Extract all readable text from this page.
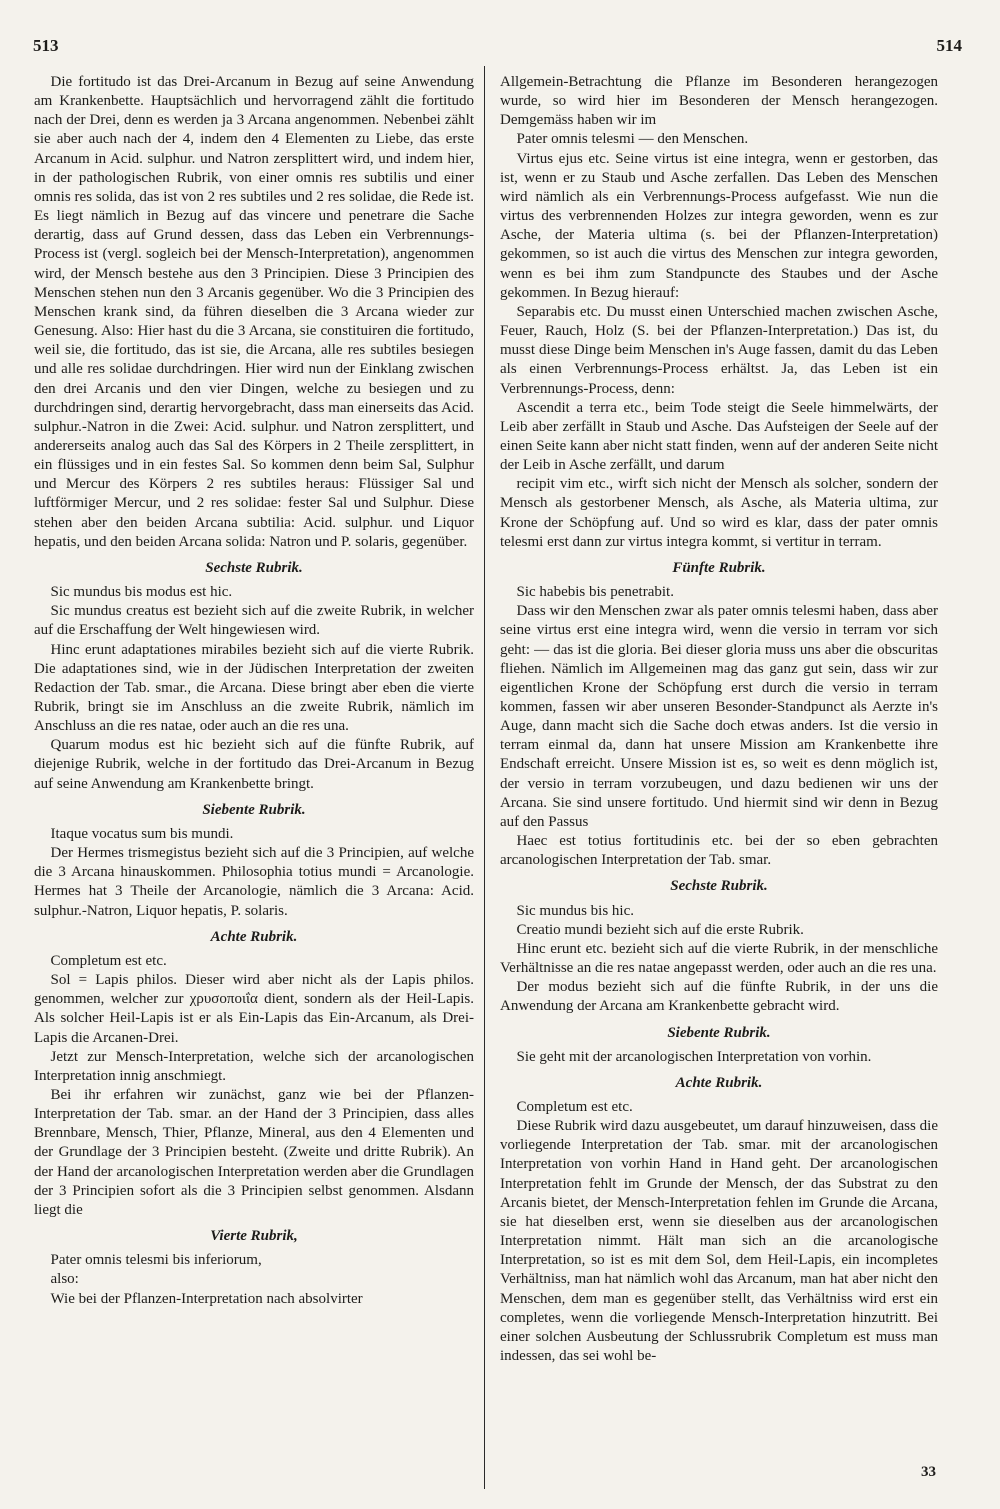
513	514

Die fortitudo ist das Drei-Arcanum in Bezug auf seine Anwendung am Krankenbette. Hauptsächlich und hervorragend zählt die fortitudo nach der Drei, denn es werden ja 3 Arcana angenommen. Nebenbei zählt sie aber auch nach der 4, indem den 4 Elementen zu Liebe, das erste Arcanum in Acid. sulphur. und Natron zersplittert wird, und indem hier, in der pathologischen Rubrik, von einer omnis res subtilis und einer omnis res solida, das ist von 2 res subtiles und 2 res solidae, die Rede ist. Es liegt nämlich in Bezug auf das vincere und penetrare die Sache derartig, dass auf Grund dessen, dass das Leben ein Verbrennungs-Process ist (vergl. sogleich bei der Mensch-Interpretation), angenommen wird, der Mensch bestehe aus den 3 Principien. Diese 3 Principien des Menschen stehen nun den 3 Arcanis gegenüber. Wo die 3 Principien des Menschen krank sind, da führen dieselben die 3 Arcana wieder zur Genesung. Also: Hier hast du die 3 Arcana, sie constituiren die fortitudo, weil sie, die fortitudo, das ist sie, die Arcana, alle res subtiles besiegen und alle res solidae durchdringen. Hier wird nun der Einklang zwischen den drei Arcanis und den vier Dingen, welche zu besiegen und zu durchdringen sind, derartig hervorgebracht, dass man einerseits das Acid. sulphur.-Natron in die Zwei: Acid. sulphur. und Natron zersplittert, und andererseits analog auch das Sal des Körpers in 2 Theile zersplittert, in ein flüssiges und in ein festes Sal. So kommen denn beim Sal, Sulphur und Mercur des Körpers 2 res subtiles heraus: Flüssiger Sal und luftförmiger Mercur, und 2 res solidae: fester Sal und Sulphur. Diese stehen aber den beiden Arcana subtilia: Acid. sulphur. und Liquor hepatis, und den beiden Arcana solida: Natron und P. solaris, gegenüber.

Sechste Rubrik.

Sic mundus bis modus est hic.

Sic mundus creatus est bezieht sich auf die zweite Rubrik, in welcher auf die Erschaffung der Welt hingewiesen wird.

Hinc erunt adaptationes mirabiles bezieht sich auf die vierte Rubrik. Die adaptationes sind, wie in der Jüdischen Interpretation der zweiten Redaction der Tab. smar., die Arcana. Diese bringt aber eben die vierte Rubrik, bringt sie im Anschluss an die zweite Rubrik, nämlich im Anschluss an die res natae, oder auch an die res una.

Quarum modus est hic bezieht sich auf die fünfte Rubrik, auf diejenige Rubrik, welche in der fortitudo das Drei-Arcanum in Bezug auf seine Anwendung am Krankenbette bringt.

Siebente Rubrik.

Itaque vocatus sum bis mundi.

Der Hermes trismegistus bezieht sich auf die 3 Principien, auf welche die 3 Arcana hinauskommen. Philosophia totius mundi = Arcanologie. Hermes hat 3 Theile der Arcanologie, nämlich die 3 Arcana: Acid. sulphur.-Natron, Liquor hepatis, P. solaris.

Achte Rubrik.

Completum est etc.

Sol = Lapis philos. Dieser wird aber nicht als der Lapis philos. genommen, welcher zur χρυσοποιΐα dient, sondern als der Heil-Lapis. Als solcher Heil-Lapis ist er als Ein-Lapis das Ein-Arcanum, als Drei-Lapis die Arcanen-Drei.

Jetzt zur Mensch-Interpretation, welche sich der arcanologischen Interpretation innig anschmiegt.

Bei ihr erfahren wir zunächst, ganz wie bei der Pflanzen-Interpretation der Tab. smar. an der Hand der 3 Principien, dass alles Brennbare, Mensch, Thier, Pflanze, Mineral, aus den 4 Elementen und der Grundlage der 3 Principien besteht. (Zweite und dritte Rubrik). An der Hand der arcanologischen Interpretation werden aber die Grundlagen der 3 Principien sofort als die 3 Principien selbst genommen. Alsdann liegt die

Vierte Rubrik,

Pater omnis telesmi bis inferiorum,

also:

Wie bei der Pflanzen-Interpretation nach absolvirter

Allgemein-Betrachtung die Pflanze im Besonderen herangezogen wurde, so wird hier im Besonderen der Mensch herangezogen. Demgemäss haben wir im

Pater omnis telesmi — den Menschen.

Virtus ejus etc. Seine virtus ist eine integra, wenn er gestorben, das ist, wenn er zu Staub und Asche zerfallen. Das Leben des Menschen wird nämlich als ein Verbrennungs-Process aufgefasst. Wie nun die virtus des verbrennenden Holzes zur integra geworden, wenn es zur Asche, der Materia ultima (s. bei der Pflanzen-Interpretation) gekommen, so ist auch die virtus des Menschen zur integra geworden, wenn es bei ihm zum Standpuncte des Staubes und der Asche gekommen. In Bezug hierauf:

Separabis etc. Du musst einen Unterschied machen zwischen Asche, Feuer, Rauch, Holz (S. bei der Pflanzen-Interpretation.) Das ist, du musst diese Dinge beim Menschen in's Auge fassen, damit du das Leben als einen Verbrennungs-Process erhältst. Ja, das Leben ist ein Verbrennungs-Process, denn:

Ascendit a terra etc., beim Tode steigt die Seele himmelwärts, der Leib aber zerfällt in Staub und Asche. Das Aufsteigen der Seele auf der einen Seite kann aber nicht statt finden, wenn auf der anderen Seite nicht der Leib in Asche zerfällt, und darum

recipit vim etc., wirft sich nicht der Mensch als solcher, sondern der Mensch als gestorbener Mensch, als Asche, als Materia ultima, zur Krone der Schöpfung auf. Und so wird es klar, dass der pater omnis telesmi erst dann zur virtus integra kommt, si vertitur in terram.

Fünfte Rubrik.

Sic habebis bis penetrabit.

Dass wir den Menschen zwar als pater omnis telesmi haben, dass aber seine virtus erst eine integra wird, wenn die versio in terram vor sich geht: — das ist die gloria. Bei dieser gloria muss uns aber die obscuritas fliehen. Nämlich im Allgemeinen mag das ganz gut sein, dass wir zur eigentlichen Krone der Schöpfung erst durch die versio in terram kommen, fassen wir aber unseren Besonder-Standpunct als Aerzte in's Auge, dann macht sich die Sache doch etwas anders. Ist die versio in terram einmal da, dann hat unsere Mission am Krankenbette ihre Endschaft erreicht. Unsere Mission ist es, so weit es denn möglich ist, der versio in terram vorzubeugen, und dazu bedienen wir uns der Arcana. Sie sind unsere fortitudo. Und hiermit sind wir denn in Bezug auf den Passus

Haec est totius fortitudinis etc. bei der so eben gebrachten arcanologischen Interpretation der Tab. smar.

Sechste Rubrik.

Sic mundus bis hic.

Creatio mundi bezieht sich auf die erste Rubrik.

Hinc erunt etc. bezieht sich auf die vierte Rubrik, in der menschliche Verhältnisse an die res natae angepasst werden, oder auch an die res una.

Der modus bezieht sich auf die fünfte Rubrik, in der uns die Anwendung der Arcana am Krankenbette gebracht wird.

Siebente Rubrik.

Sie geht mit der arcanologischen Interpretation von vorhin.

Achte Rubrik.

Completum est etc.

Diese Rubrik wird dazu ausgebeutet, um darauf hinzuweisen, dass die vorliegende Interpretation der Tab. smar. mit der arcanologischen Interpretation von vorhin Hand in Hand geht. Der arcanologischen Interpretation fehlt im Grunde der Mensch, der das Substrat zu den Arcanis bietet, der Mensch-Interpretation fehlen im Grunde die Arcana, sie hat dieselben erst, wenn sie dieselben aus der arcanologischen Interpretation nimmt. Hält man sich an die arcanologische Interpretation, so ist es mit dem Sol, dem Heil-Lapis, ein incompletes Verhältniss, man hat nämlich wohl das Arcanum, man hat aber nicht den Menschen, dem man es gegenüber stellt, das Verhältniss wird erst ein completes, wenn die vorliegende Mensch-Interpretation hinzutritt. Bei einer solchen Ausbeutung der Schlussrubrik Completum est muss man indessen, das sei wohl be-

33
